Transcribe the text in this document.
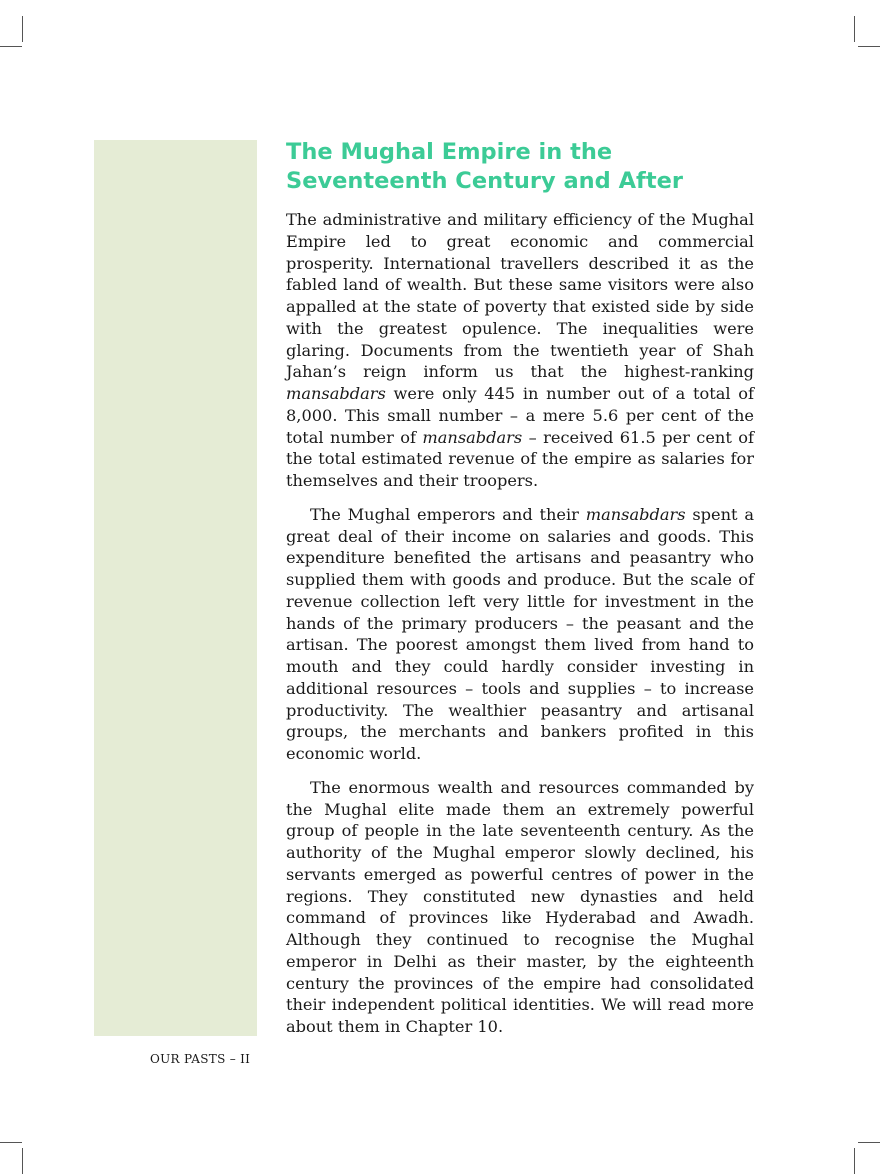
The Mughal Empire in the Seventeenth Century and After

The administrative and military efficiency of the Mughal Empire led to great economic and commercial prosperity. International travellers described it as the fabled land of wealth. But these same visitors were also appalled at the state of poverty that existed side by side with the greatest opulence. The inequalities were glaring. Documents from the twentieth year of Shah Jahan’s reign inform us that the highest-ranking mansabdars were only 445 in number out of a total of 8,000. This small number – a mere 5.6 per cent of the total number of mansabdars – received 61.5 per cent of the total estimated revenue of the empire as salaries for themselves and their troopers.

The Mughal emperors and their mansabdars spent a great deal of their income on salaries and goods. This expenditure benefited the artisans and peasantry who supplied them with goods and produce. But the scale of revenue collection left very little for investment in the hands of the primary producers – the peasant and the artisan. The poorest amongst them lived from hand to mouth and they could hardly consider investing in additional resources – tools and supplies – to increase productivity. The wealthier peasantry and artisanal groups, the merchants and bankers profited in this economic world.

The enormous wealth and resources commanded by the Mughal elite made them an extremely powerful group of people in the late seventeenth century. As the authority of the Mughal emperor slowly declined, his servants emerged as powerful centres of power in the regions. They constituted new dynasties and held command of provinces like Hyderabad and Awadh. Although they continued to recognise the Mughal emperor in Delhi as their master, by the eighteenth century the provinces of the empire had consolidated their independent political identities. We will read more about them in Chapter 10.

OUR PASTS – II
